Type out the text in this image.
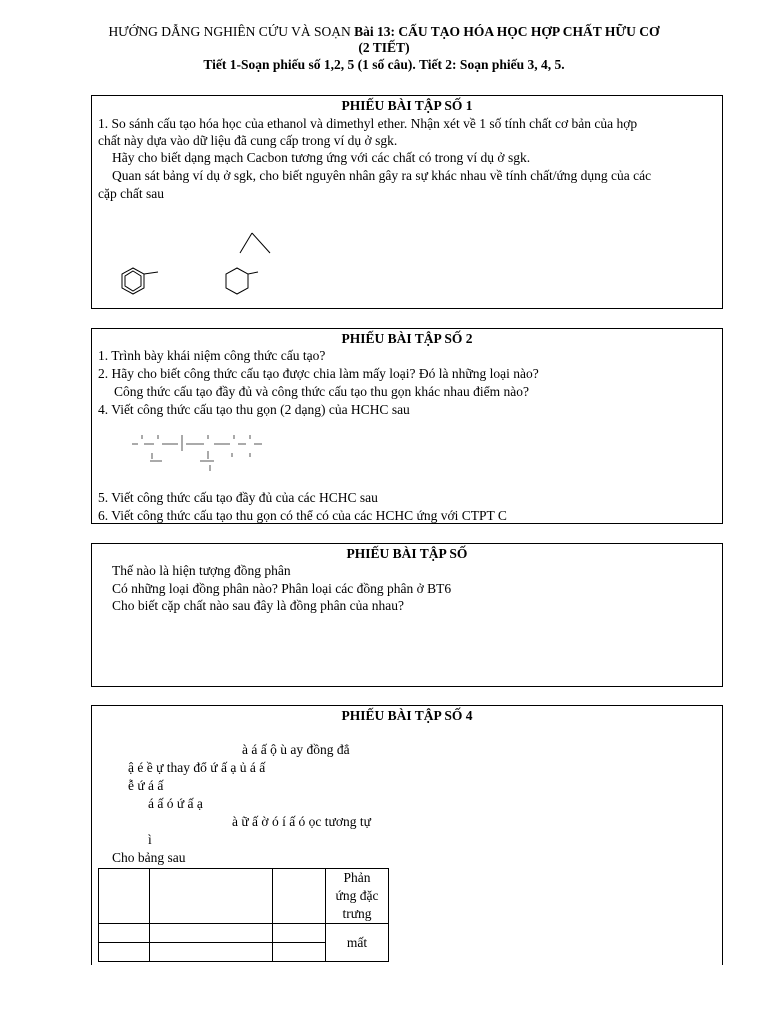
HƯỚNG DẪNG NGHIÊN CỨU VÀ SOẠN Bài 13: CẤU TẠO HÓA HỌC HỢP CHẤT HỮU CƠ
(2 TIẾT)
Tiết 1-Soạn phiếu số 1,2, 5 (1 số câu). Tiết 2: Soạn phiếu 3, 4, 5.
PHIẾU BÀI TẬP SỐ 1
1. So sánh cấu tạo hóa học của ethanol và dimethyl ether. Nhận xét về 1 số tính chất cơ bản của hợp
chất này dựa vào dữ liệu đã cung cấp trong ví dụ ở sgk.
Hãy cho biết dạng mạch Cacbon tương ứng với các chất có trong ví dụ ở sgk.
Quan sát bảng ví dụ ở sgk, cho biết nguyên nhân gây ra sự khác nhau về tính chất/ứng dụng của các
cặp chất sau
PHIẾU BÀI TẬP SỐ 2
1. Trình bày khái niệm công thức cấu tạo?
2. Hãy cho biết công thức cấu tạo được chia làm mấy loại? Đó là những loại nào?
Công thức cấu tạo đầy đủ và công thức cấu tạo thu gọn khác nhau điểm nào?
4. Viết công thức cấu tạo thu gọn (2 dạng) của HCHC sau
5. Viết công thức cấu tạo đầy đủ của các HCHC sau
6. Viết công thức cấu tạo thu gọn có thể có của các HCHC ứng với CTPT C
PHIẾU BÀI TẬP SỐ
Thế nào là hiện tượng đồng phân
Có những loại đồng phân nào? Phân loại các đồng phân ở BT6
Cho biết cặp chất nào sau đây là đồng phân của nhau?
PHIẾU BÀI TẬP SỐ 4
à á ấ ộ ù ay đồng đẳ
ậ é ề ự thay đổ ứ ấ ạ ủ á ấ
ễ ứ á ấ
á ấ ó ứ ấ ạ
à ữ ấ ờ ó í ấ ó ọc tương tự
ì
Cho bảng sau
			Phản
ứng đặc
trưng
			mất
